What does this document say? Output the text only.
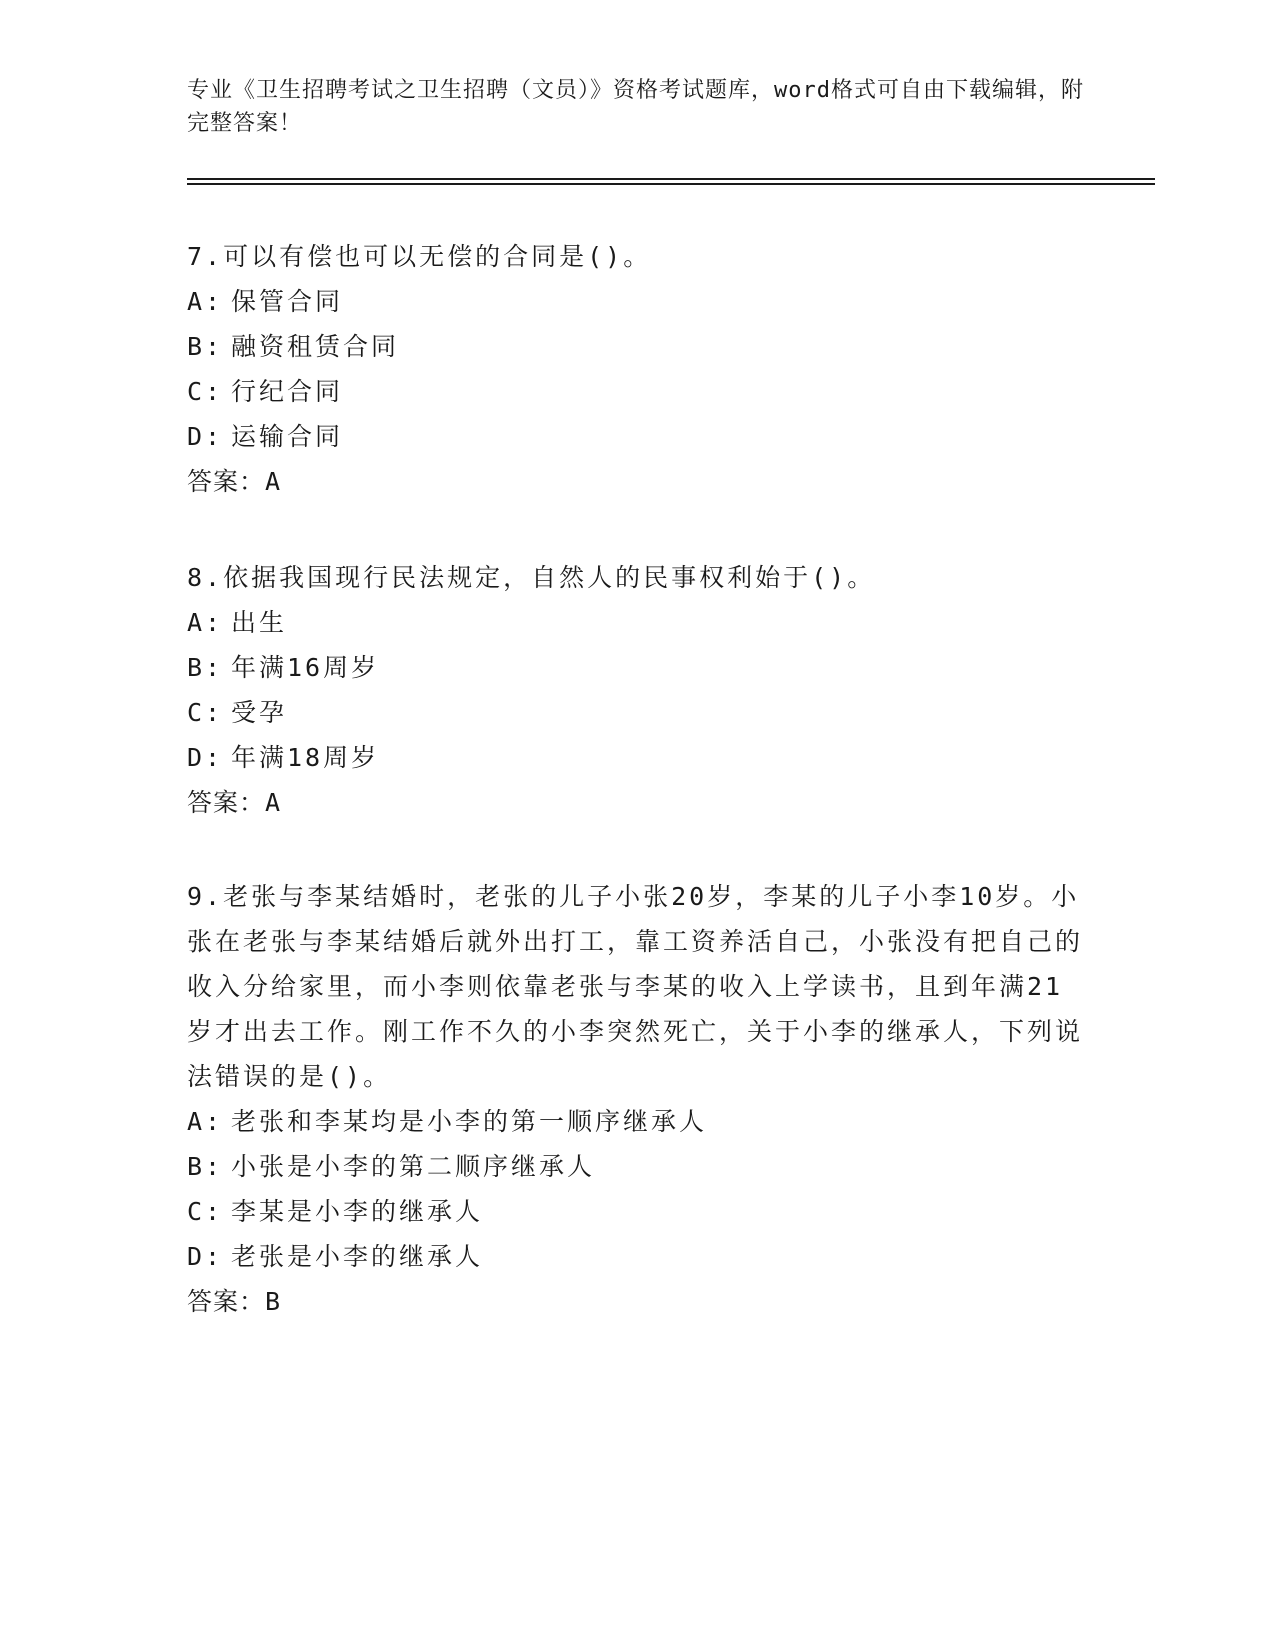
专业《卫生招聘考试之卫生招聘（文员）》资格考试题库，word格式可自由下载编辑，附完整答案！

7.可以有偿也可以无偿的合同是()。

A: 保管合同

B: 融资租赁合同

C: 行纪合同

D: 运输合同

答案：A

8.依据我国现行民法规定，自然人的民事权利始于()。

A: 出生

B: 年满16周岁

C: 受孕

D: 年满18周岁

答案：A

9.老张与李某结婚时，老张的儿子小张20岁，李某的儿子小李10岁。小张在老张与李某结婚后就外出打工，靠工资养活自己，小张没有把自己的收入分给家里，而小李则依靠老张与李某的收入上学读书，且到年满21岁才出去工作。刚工作不久的小李突然死亡，关于小李的继承人，下列说法错误的是()。

A: 老张和李某均是小李的第一顺序继承人

B: 小张是小李的第二顺序继承人

C: 李某是小李的继承人

D: 老张是小李的继承人

答案：B
